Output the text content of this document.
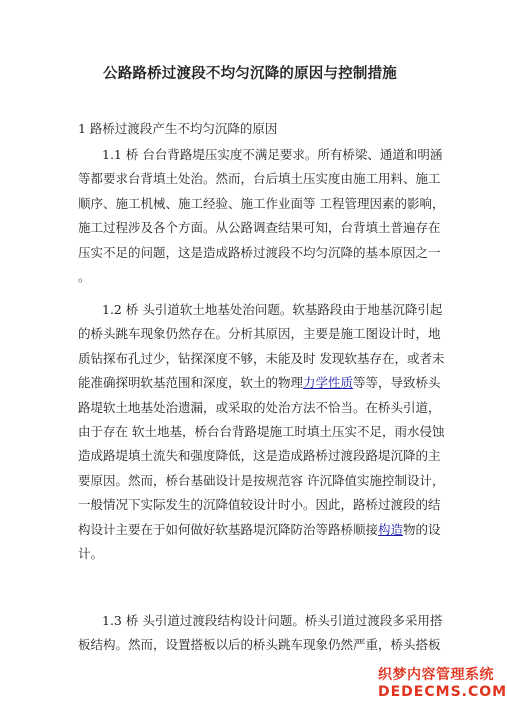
公路路桥过渡段不均匀沉降的原因与控制措施
1 路桥过渡段产生不均匀沉降的原因
1.1 桥 台台背路堤压实度不满足要求。所有桥梁、通道和明涵
等都要求台背填土处治。然而，台后填土压实度由施工用料、施工
顺序、施工机械、施工经验、施工作业面等 工程管理因素的影响，
施工过程涉及各个方面。从公路调查结果可知，台背填土普遍存在
压实不足的问题，这是造成路桥过渡段不均匀沉降的基本原因之一
。
1.2 桥 头引道软土地基处治问题。软基路段由于地基沉降引起
的桥头跳车现象仍然存在。分析其原因，主要是施工图设计时，地
质钻探布孔过少，钻探深度不够，未能及时 发现软基存在，或者未
能准确探明软基范围和深度，软土的物理力学性质等等，导致桥头
路堤软土地基处治遗漏，或采取的处治方法不恰当。在桥头引道，
由于存在 软土地基，桥台台背路堤施工时填土压实不足，雨水侵蚀
造成路堤填土流失和强度降低，这是造成路桥过渡段路堤沉降的主
要原因。然而，桥台基础设计是按规范容 许沉降值实施控制设计，
一般情况下实际发生的沉降值较设计时小。因此，路桥过渡段的结
构设计主要在于如何做好软基路堤沉降防治等路桥顺接构造物的设
计。
1.3 桥 头引道过渡段结构设计问题。桥头引道过渡段多采用搭
板结构。然而，设置搭板以后的桥头跳车现象仍然严重，桥头搭板
织梦内容管理系统
DEDECMS.COM
